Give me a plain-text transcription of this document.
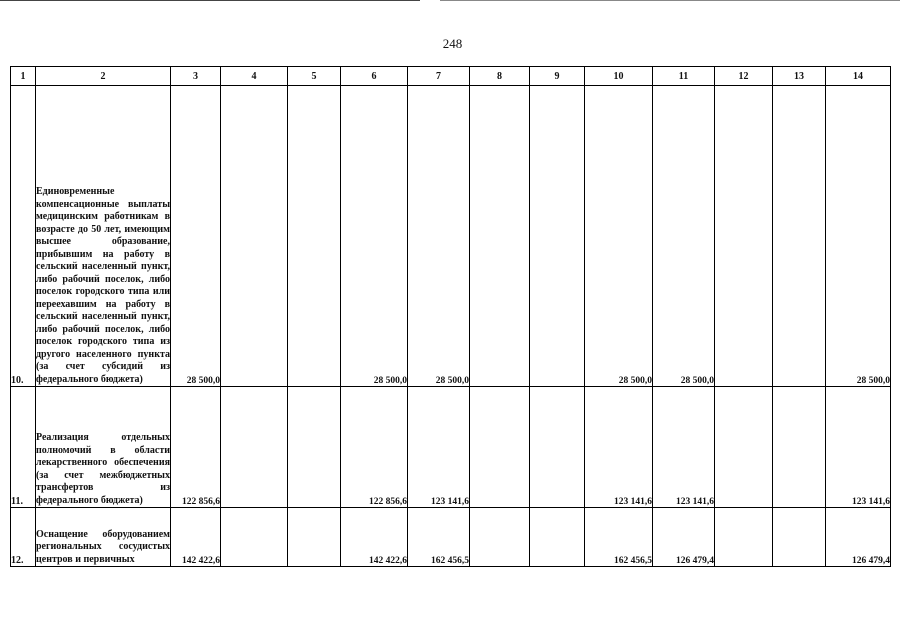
248
1	2	3	4	5	6	7	8	9	10	11	12	13	14
10.	Единовременные компенсационные выплаты медицинским работникам в возрасте до 50 лет, имеющим высшее образование, прибывшим на работу в сельский населенный пункт, либо рабочий поселок, либо поселок городского типа или переехавшим на работу в сельский населенный пункт, либо рабочий поселок, либо поселок городского типа из другого населенного пункта (за счет субсидий из федерального бюджета)	28 500,0			28 500,0	28 500,0			28 500,0	28 500,0			28 500,0
11.	Реализация отдельных полномочий в области лекарственного обеспечения (за счет межбюджетных трансфертов из федерального бюджета)	122 856,6			122 856,6	123 141,6			123 141,6	123 141,6			123 141,6
12.	Оснащение оборудованием региональных сосудистых центров и первичных	142 422,6			142 422,6	162 456,5			162 456,5	126 479,4			126 479,4
